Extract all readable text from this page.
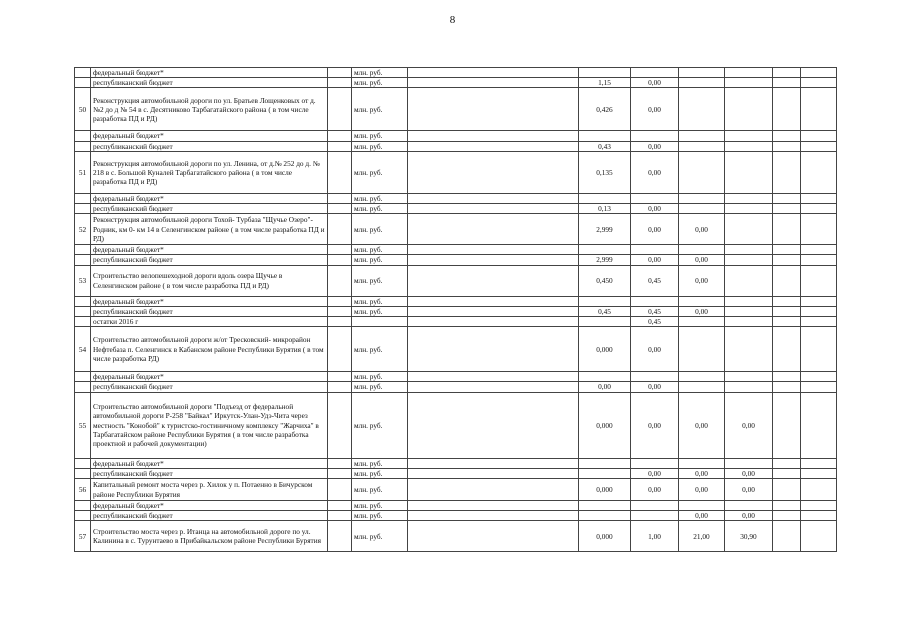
8
	федеральный бюджет*		млн. руб.							
	республиканский бюджет		млн. руб.		1,15	0,00				
50	Реконструкция автомобильной дороги по ул. Братьев Лощенковых от д.№2 до д № 54 в с. Десятниково Тарбагатайского района ( в том числе разработка ПД и РД)		млн. руб.		0,426	0,00				
	федеральный бюджет*		млн. руб.							
	республиканский бюджет		млн. руб.		0,43	0,00				
51	Реконструкция автомобильной дороги по ул. Ленина, от д.№ 252 до д. № 218 в с. Большой Куналей Тарбагатайского района ( в том числе разработка ПД и РД)		млн. руб.		0,135	0,00				
	федеральный бюджет*		млн. руб.							
	республиканский бюджет		млн. руб.		0,13	0,00				
52	Реконструкция автомобильной дороги Тохой- Турбаза "Щучье Озеро"- Родник, км 0- км 14 в Селенгинском районе ( в том числе разработка ПД и РД)		млн. руб.		2,999	0,00	0,00			
	федеральный бюджет*		млн. руб.							
	республиканский бюджет		млн. руб.		2,999	0,00	0,00			
53	Строительство велопешеходной дороги вдоль озера Щучье в Селенгинском районе ( в том числе разработка ПД и РД)		млн. руб.		0,450	0,45	0,00			
	федеральный бюджет*		млн. руб.							
	республиканский бюджет		млн. руб.		0,45	0,45	0,00			
	остатки 2016 г					0,45				
54	Строительство автомобильной дороги ж/от Тресковский- микрорайон Нефтебаза п. Селенгинск в Кабанском районе Республики Бурятия ( в том числе разработка РД)		млн. руб.		0,000	0,00				
	федеральный бюджет*		млн. руб.							
	республиканский бюджет		млн. руб.		0,00	0,00				
55	Строительство автомобильной дороги "Подъезд от федеральной автомобильной дороги Р-258 "Байкал" Иркутск-Улан-Удэ-Чита через местность "Конобой" к туристско-гостиничному комплексу "Жарчиха" в Тарбагатайском районе Республики Бурятия ( в том числе разработка проектной и рабочей документации)		млн. руб.		0,000	0,00	0,00	0,00		
	федеральный бюджет*		млн. руб.							
	республиканский бюджет		млн. руб.			0,00	0,00	0,00		
56	Капитальный ремонт моста через р. Хилок у п. Потаенно в Бичурском районе Республики Бурятия		млн. руб.		0,000	0,00	0,00	0,00		
	федеральный бюджет*		млн. руб.							
	республиканский бюджет		млн. руб.				0,00	0,00		
57	Строительство моста через р. Итанца на автомобильной дороге по ул. Калинина в с. Турунтаево в Прибайкальском районе Республики Бурятия		млн. руб.		0,000	1,00	21,00	30,90		
